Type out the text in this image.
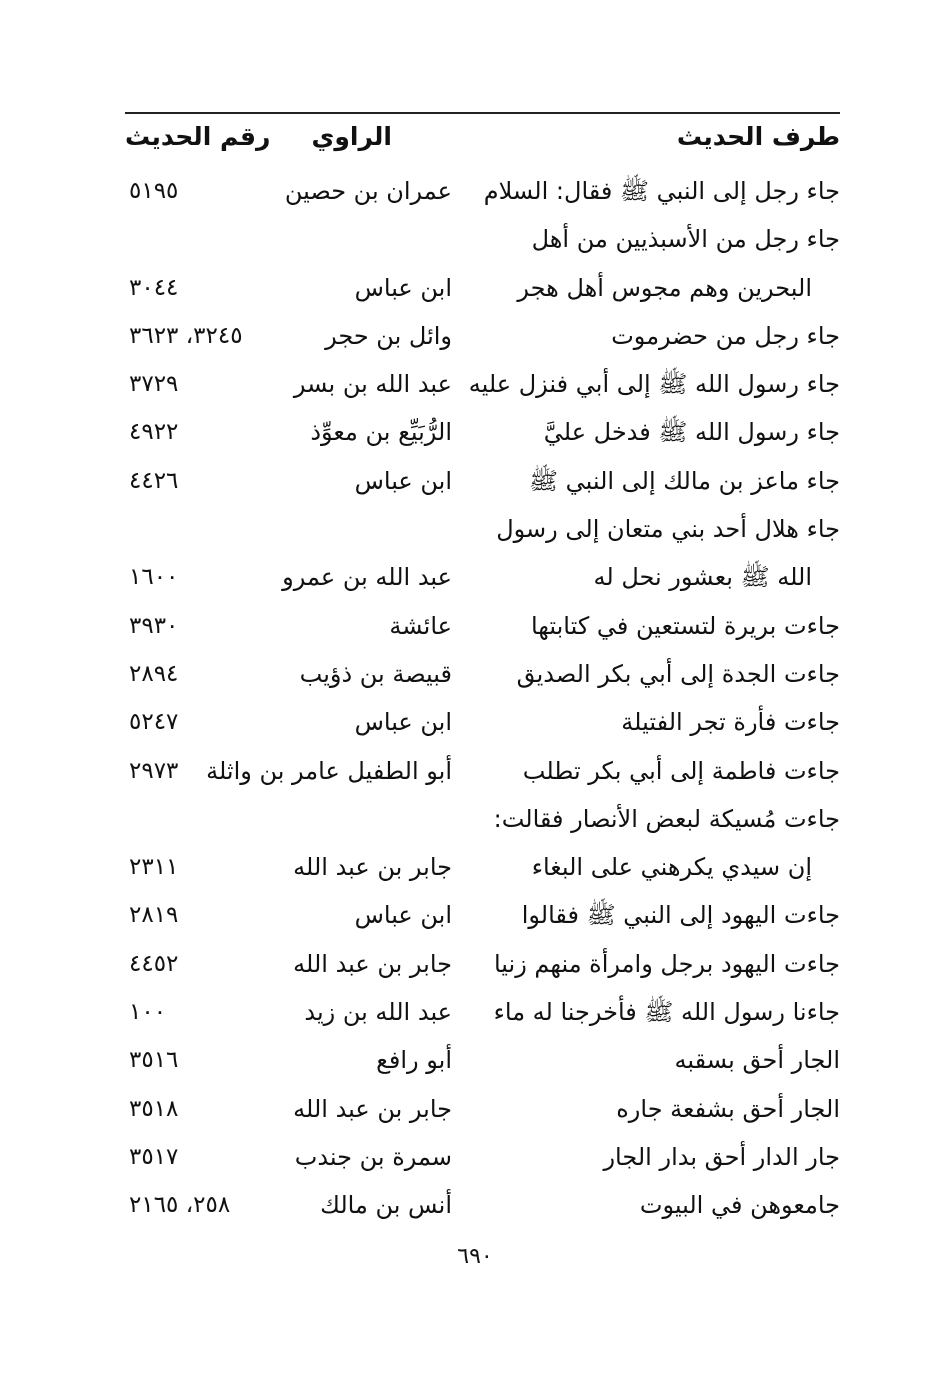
طرف الحديث
الراوي
رقم الحديث
جاء رجل إلى النبي ﷺ فقال: السلام
عمران بن حصين
٥١٩٥
جاء رجل من الأسبذيين من أهل
البحرين وهم مجوس أهل هجر
ابن عباس
٣٠٤٤
جاء رجل من حضرموت
وائل بن حجر
٣٢٤٥، ٣٦٢٣
جاء رسول الله ﷺ إلى أبي فنزل عليه
عبد الله بن بسر
٣٧٢٩
جاء رسول الله ﷺ فدخل عليَّ
الرُّبَيِّع بن معوِّذ
٤٩٢٢
جاء ماعز بن مالك إلى النبي ﷺ
ابن عباس
٤٤٢٦
جاء هلال أحد بني متعان إلى رسول
الله ﷺ بعشور نحل له
عبد الله بن عمرو
١٦٠٠
جاءت بريرة لتستعين في كتابتها
عائشة
٣٩٣٠
جاءت الجدة إلى أبي بكر الصديق
قبيصة بن ذؤيب
٢٨٩٤
جاءت فأرة تجر الفتيلة
ابن عباس
٥٢٤٧
جاءت فاطمة إلى أبي بكر تطلب
أبو الطفيل عامر بن واثلة
٢٩٧٣
جاءت مُسيكة لبعض الأنصار فقالت:
إن سيدي يكرهني على البغاء
جابر بن عبد الله
٢٣١١
جاءت اليهود إلى النبي ﷺ فقالوا
ابن عباس
٢٨١٩
جاءت اليهود برجل وامرأة منهم زنيا
جابر بن عبد الله
٤٤٥٢
جاءنا رسول الله ﷺ فأخرجنا له ماء
عبد الله بن زيد
١٠٠
الجار أحق بسقبه
أبو رافع
٣٥١٦
الجار أحق بشفعة جاره
جابر بن عبد الله
٣٥١٨
جار الدار أحق بدار الجار
سمرة بن جندب
٣٥١٧
جامعوهن في البيوت
أنس بن مالك
٢٥٨، ٢١٦٥
٦٩٠
